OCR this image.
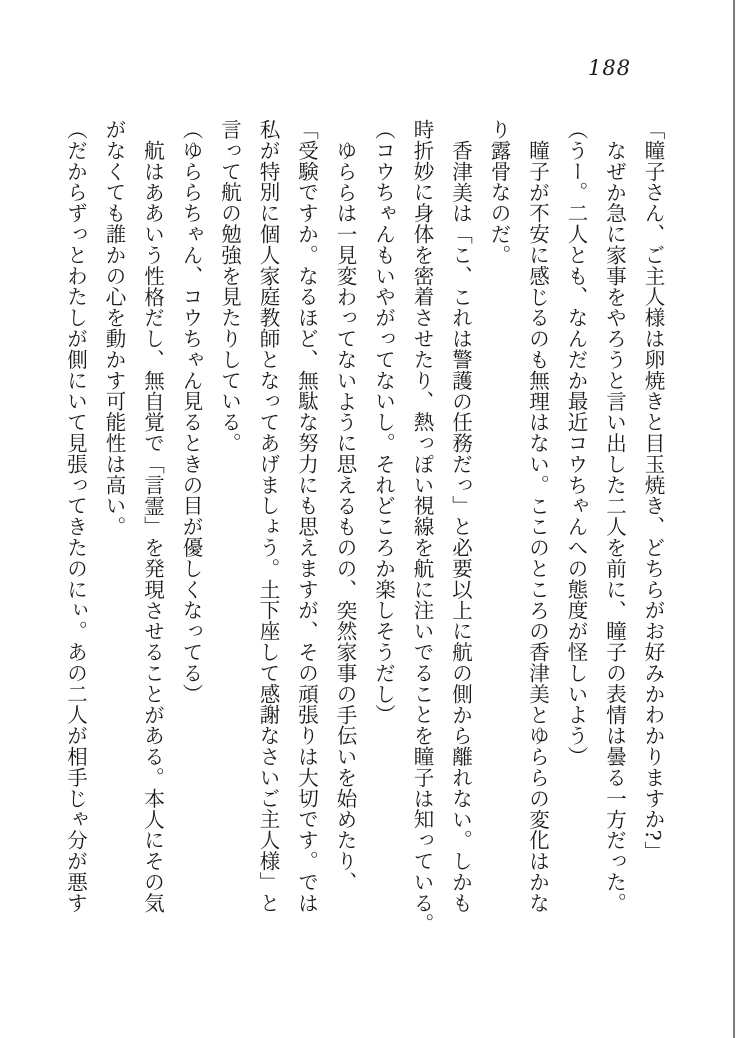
188

「瞳子さん、ご主人様は卵焼きと目玉焼き、どちらがお好みかわかりますか?」

なぜか急に家事をやろうと言い出した二人を前に、瞳子の表情は曇る一方だった。

（うー。二人とも、なんだか最近コウちゃんへの態度が怪しいよう）

瞳子が不安に感じるのも無理はない。ここのところの香津美とゆららの変化はかな

り露骨なのだ。

香津美は「こ、これは警護の任務だっ」と必要以上に航の側から離れない。しかも

時折妙に身体を密着させたり、熱っぽい視線を航に注いでることを瞳子は知っている。

（コウちゃんもいやがってないし。それどころか楽しそうだし）

ゆららは一見変わってないように思えるものの、突然家事の手伝いを始めたり、

「受験ですか。なるほど、無駄な努力にも思えますが、その頑張りは大切です。では

私が特別に個人家庭教師となってあげましょう。土下座して感謝なさいご主人様」と

言って航の勉強を見たりしている。

（ゆららちゃん、コウちゃん見るときの目が優しくなってる）

航はああいう性格だし、無自覚で「言霊」を発現させることがある。本人にその気

がなくても誰かの心を動かす可能性は高い。

（だからずっとわたしが側にいて見張ってきたのにぃ。あの二人が相手じゃ分が悪す
